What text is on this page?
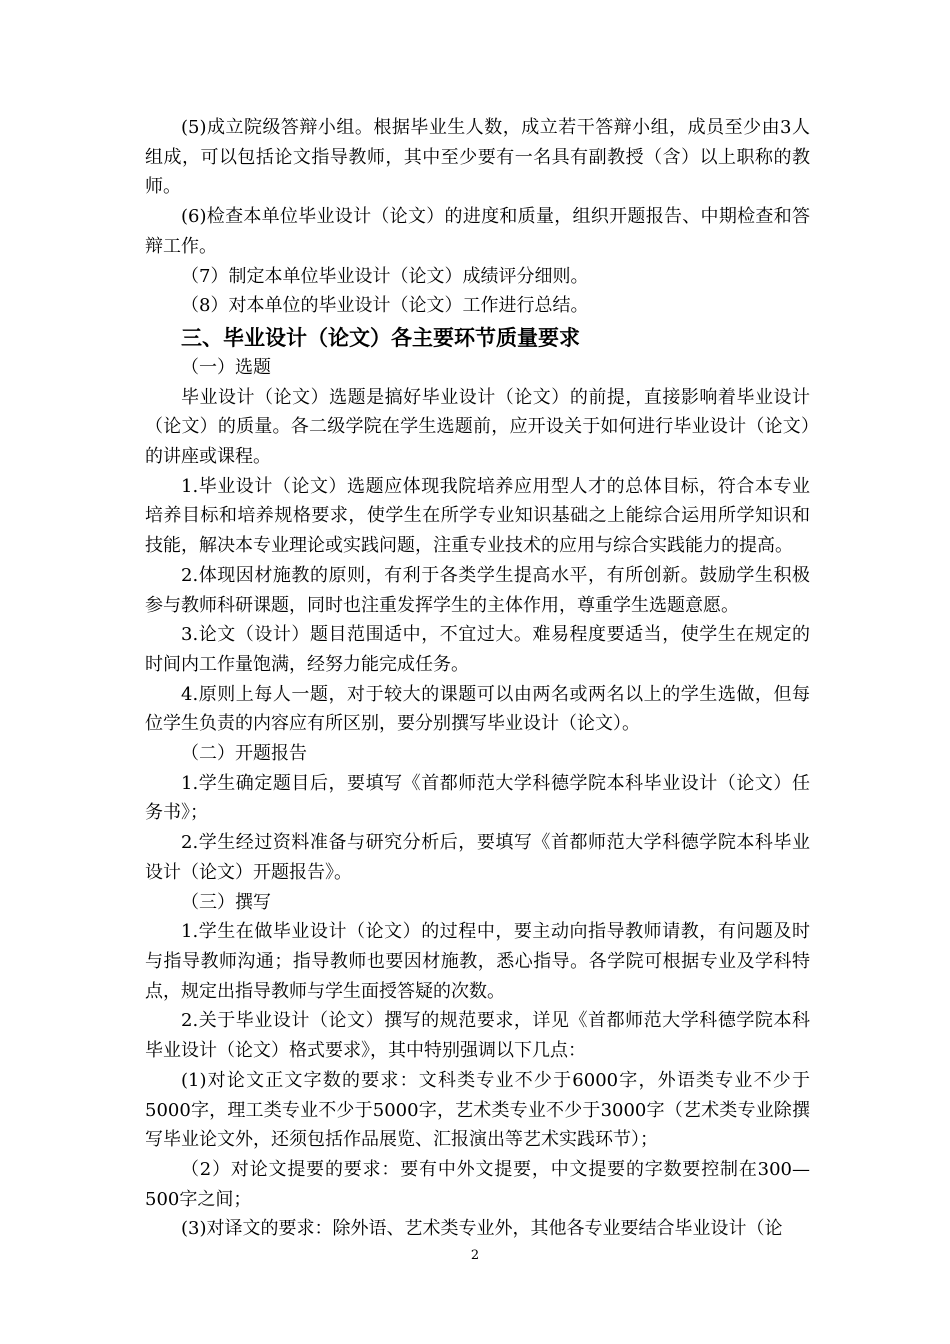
(5)成立院级答辩小组。根据毕业生人数，成立若干答辩小组，成员至少由3人组成，可以包括论文指导教师，其中至少要有一名具有副教授（含）以上职称的教师。

(6)检查本单位毕业设计（论文）的进度和质量，组织开题报告、中期检查和答辩工作。

（7）制定本单位毕业设计（论文）成绩评分细则。

（8）对本单位的毕业设计（论文）工作进行总结。

三、毕业设计（论文）各主要环节质量要求

（一）选题

毕业设计（论文）选题是搞好毕业设计（论文）的前提，直接影响着毕业设计（论文）的质量。各二级学院在学生选题前，应开设关于如何进行毕业设计（论文）的讲座或课程。

1.毕业设计（论文）选题应体现我院培养应用型人才的总体目标，符合本专业培养目标和培养规格要求，使学生在所学专业知识基础之上能综合运用所学知识和技能，解决本专业理论或实践问题，注重专业技术的应用与综合实践能力的提高。

2.体现因材施教的原则，有利于各类学生提高水平，有所创新。鼓励学生积极参与教师科研课题，同时也注重发挥学生的主体作用，尊重学生选题意愿。

3.论文（设计）题目范围适中，不宜过大。难易程度要适当，使学生在规定的时间内工作量饱满，经努力能完成任务。

4.原则上每人一题，对于较大的课题可以由两名或两名以上的学生选做，但每位学生负责的内容应有所区别，要分别撰写毕业设计（论文）。

（二）开题报告

1.学生确定题目后，要填写《首都师范大学科德学院本科毕业设计（论文）任务书》；

2.学生经过资料准备与研究分析后，要填写《首都师范大学科德学院本科毕业设计（论文）开题报告》。

（三）撰写

1.学生在做毕业设计（论文）的过程中，要主动向指导教师请教，有问题及时与指导教师沟通；指导教师也要因材施教，悉心指导。各学院可根据专业及学科特点，规定出指导教师与学生面授答疑的次数。

2.关于毕业设计（论文）撰写的规范要求，详见《首都师范大学科德学院本科毕业设计（论文）格式要求》，其中特别强调以下几点：

(1)对论文正文字数的要求：文科类专业不少于6000字，外语类专业不少于5000字，理工类专业不少于5000字，艺术类专业不少于3000字（艺术类专业除撰写毕业论文外，还须包括作品展览、汇报演出等艺术实践环节）；

（2）对论文提要的要求：要有中外文提要，中文提要的字数要控制在300—500字之间；

(3)对译文的要求：除外语、艺术类专业外，其他各专业要结合毕业设计（论

2
